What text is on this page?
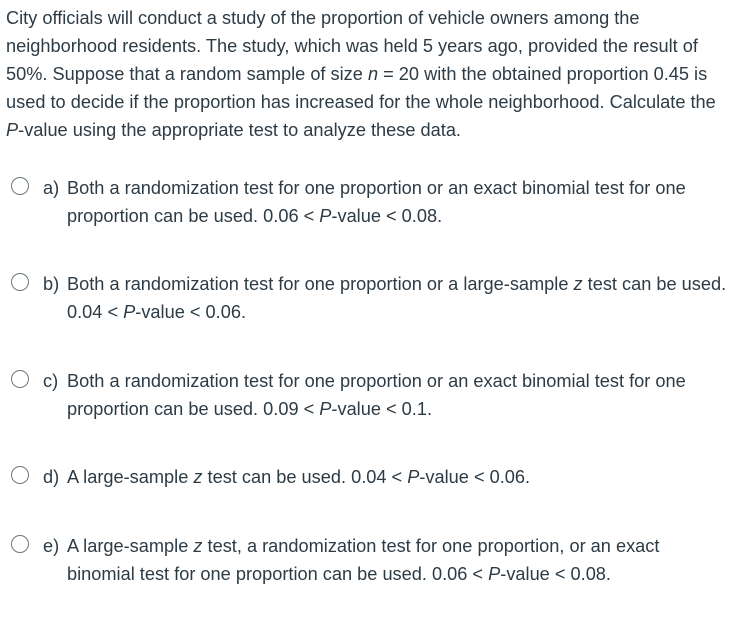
City officials will conduct a study of the proportion of vehicle owners among the neighborhood residents. The study, which was held 5 years ago, provided the result of 50%. Suppose that a random sample of size n = 20 with the obtained proportion 0.45 is used to decide if the proportion has increased for the whole neighborhood. Calculate the P-value using the appropriate test to analyze these data.

a) Both a randomization test for one proportion or an exact binomial test for one proportion can be used. 0.06 < P-value < 0.08.
b) Both a randomization test for one proportion or a large-sample z test can be used. 0.04 < P-value < 0.06.
c) Both a randomization test for one proportion or an exact binomial test for one proportion can be used. 0.09 < P-value < 0.1.
d) A large-sample z test can be used. 0.04 < P-value < 0.06.
e) A large-sample z test, a randomization test for one proportion, or an exact binomial test for one proportion can be used. 0.06 < P-value < 0.08.
